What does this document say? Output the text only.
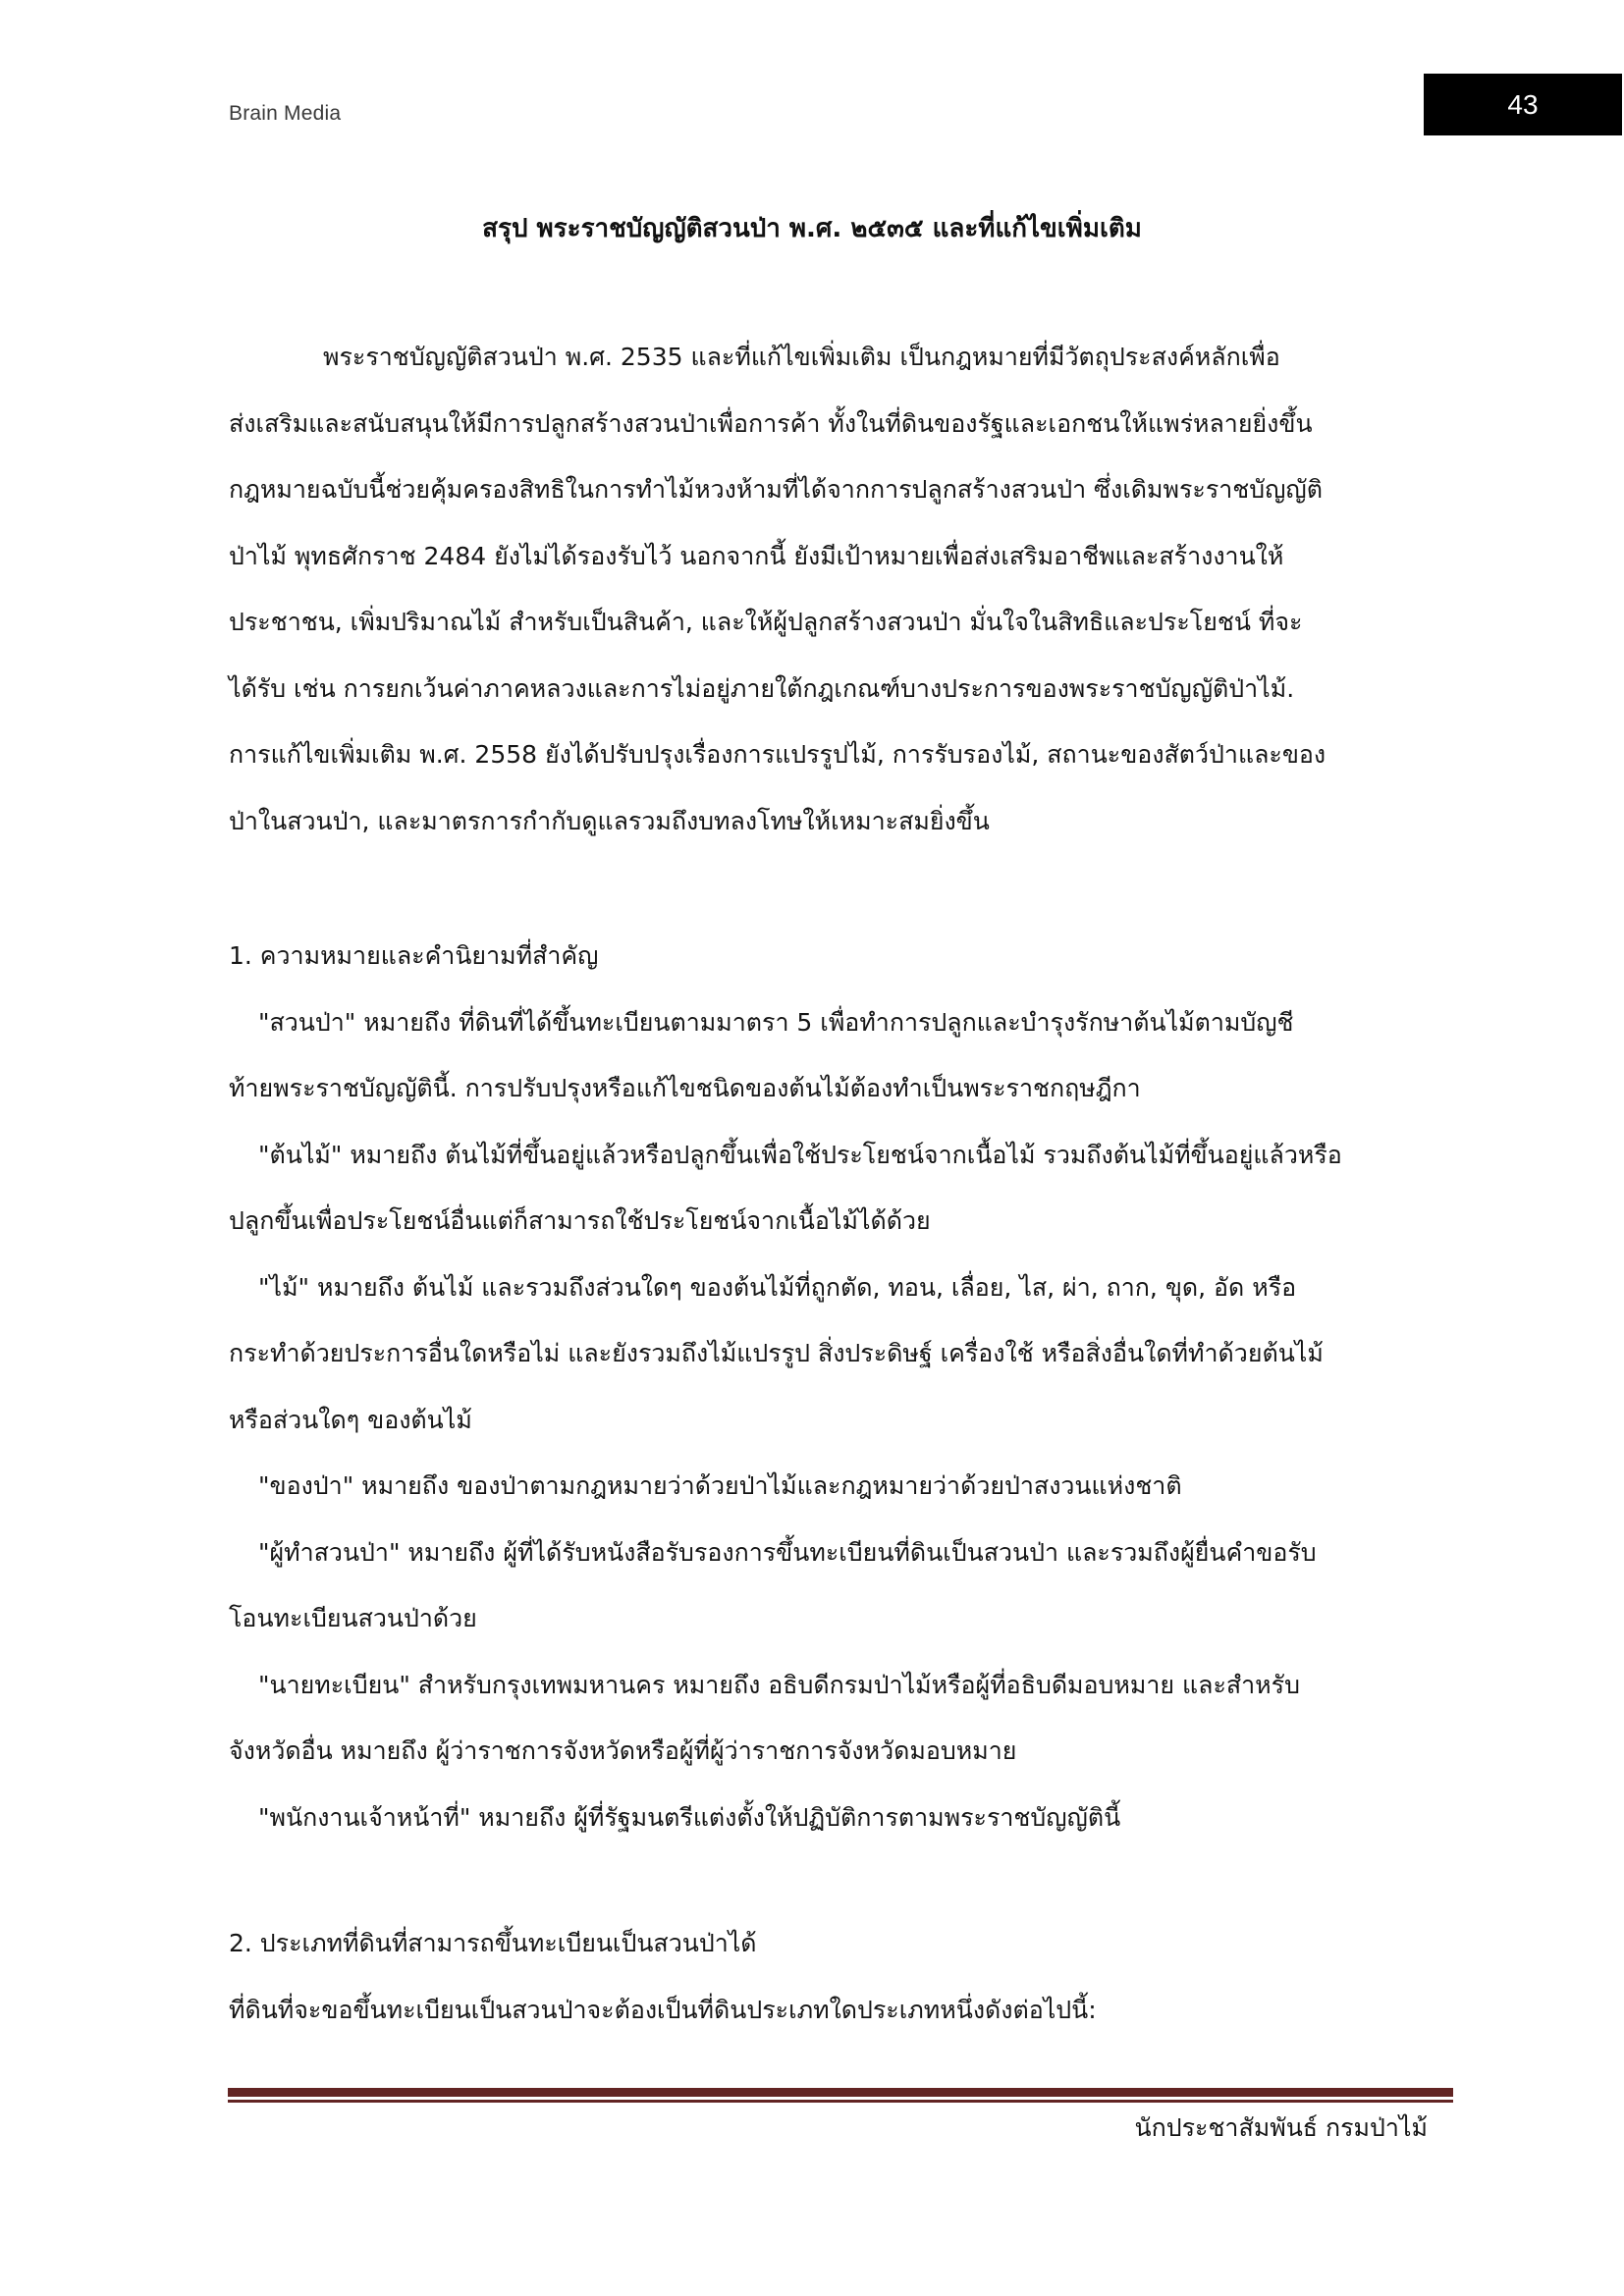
Brain Media	43
สรุป พระราชบัญญัติสวนป่า พ.ศ. ๒๕๓๕ และที่แก้ไขเพิ่มเติม
พระราชบัญญัติสวนป่า พ.ศ. 2535 และที่แก้ไขเพิ่มเติม เป็นกฎหมายที่มีวัตถุประสงค์หลักเพื่อ
ส่งเสริมและสนับสนุนให้มีการปลูกสร้างสวนป่าเพื่อการค้า ทั้งในที่ดินของรัฐและเอกชนให้แพร่หลายยิ่งขึ้น
กฎหมายฉบับนี้ช่วยคุ้มครองสิทธิในการทำไม้หวงห้ามที่ได้จากการปลูกสร้างสวนป่า ซึ่งเดิมพระราชบัญญัติ
ป่าไม้ พุทธศักราช 2484 ยังไม่ได้รองรับไว้ นอกจากนี้ ยังมีเป้าหมายเพื่อส่งเสริมอาชีพและสร้างงานให้
ประชาชน, เพิ่มปริมาณไม้ สำหรับเป็นสินค้า, และให้ผู้ปลูกสร้างสวนป่า มั่นใจในสิทธิและประโยชน์ ที่จะ
ได้รับ เช่น การยกเว้นค่าภาคหลวงและการไม่อยู่ภายใต้กฎเกณฑ์บางประการของพระราชบัญญัติป่าไม้.
การแก้ไขเพิ่มเติม พ.ศ. 2558 ยังได้ปรับปรุงเรื่องการแปรรูปไม้, การรับรองไม้, สถานะของสัตว์ป่าและของ
ป่าในสวนป่า, และมาตรการกำกับดูแลรวมถึงบทลงโทษให้เหมาะสมยิ่งขึ้น
1. ความหมายและคำนิยามที่สำคัญ
"สวนป่า" หมายถึง ที่ดินที่ได้ขึ้นทะเบียนตามมาตรา 5 เพื่อทำการปลูกและบำรุงรักษาต้นไม้ตามบัญชี
ท้ายพระราชบัญญัตินี้. การปรับปรุงหรือแก้ไขชนิดของต้นไม้ต้องทำเป็นพระราชกฤษฎีกา
"ต้นไม้" หมายถึง ต้นไม้ที่ขึ้นอยู่แล้วหรือปลูกขึ้นเพื่อใช้ประโยชน์จากเนื้อไม้ รวมถึงต้นไม้ที่ขึ้นอยู่แล้วหรือ
ปลูกขึ้นเพื่อประโยชน์อื่นแต่ก็สามารถใช้ประโยชน์จากเนื้อไม้ได้ด้วย
"ไม้" หมายถึง ต้นไม้ และรวมถึงส่วนใดๆ ของต้นไม้ที่ถูกตัด, ทอน, เลื่อย, ไส, ผ่า, ถาก, ขุด, อัด หรือ
กระทำด้วยประการอื่นใดหรือไม่ และยังรวมถึงไม้แปรรูป สิ่งประดิษฐ์ เครื่องใช้ หรือสิ่งอื่นใดที่ทำด้วยต้นไม้
หรือส่วนใดๆ ของต้นไม้
"ของป่า" หมายถึง ของป่าตามกฎหมายว่าด้วยป่าไม้และกฎหมายว่าด้วยป่าสงวนแห่งชาติ
"ผู้ทำสวนป่า" หมายถึง ผู้ที่ได้รับหนังสือรับรองการขึ้นทะเบียนที่ดินเป็นสวนป่า และรวมถึงผู้ยื่นคำขอรับ
โอนทะเบียนสวนป่าด้วย
"นายทะเบียน" สำหรับกรุงเทพมหานคร หมายถึง อธิบดีกรมป่าไม้หรือผู้ที่อธิบดีมอบหมาย และสำหรับ
จังหวัดอื่น หมายถึง ผู้ว่าราชการจังหวัดหรือผู้ที่ผู้ว่าราชการจังหวัดมอบหมาย
"พนักงานเจ้าหน้าที่" หมายถึง ผู้ที่รัฐมนตรีแต่งตั้งให้ปฏิบัติการตามพระราชบัญญัตินี้
2. ประเภทที่ดินที่สามารถขึ้นทะเบียนเป็นสวนป่าได้
ที่ดินที่จะขอขึ้นทะเบียนเป็นสวนป่าจะต้องเป็นที่ดินประเภทใดประเภทหนึ่งดังต่อไปนี้:
นักประชาสัมพันธ์ กรมป่าไม้
